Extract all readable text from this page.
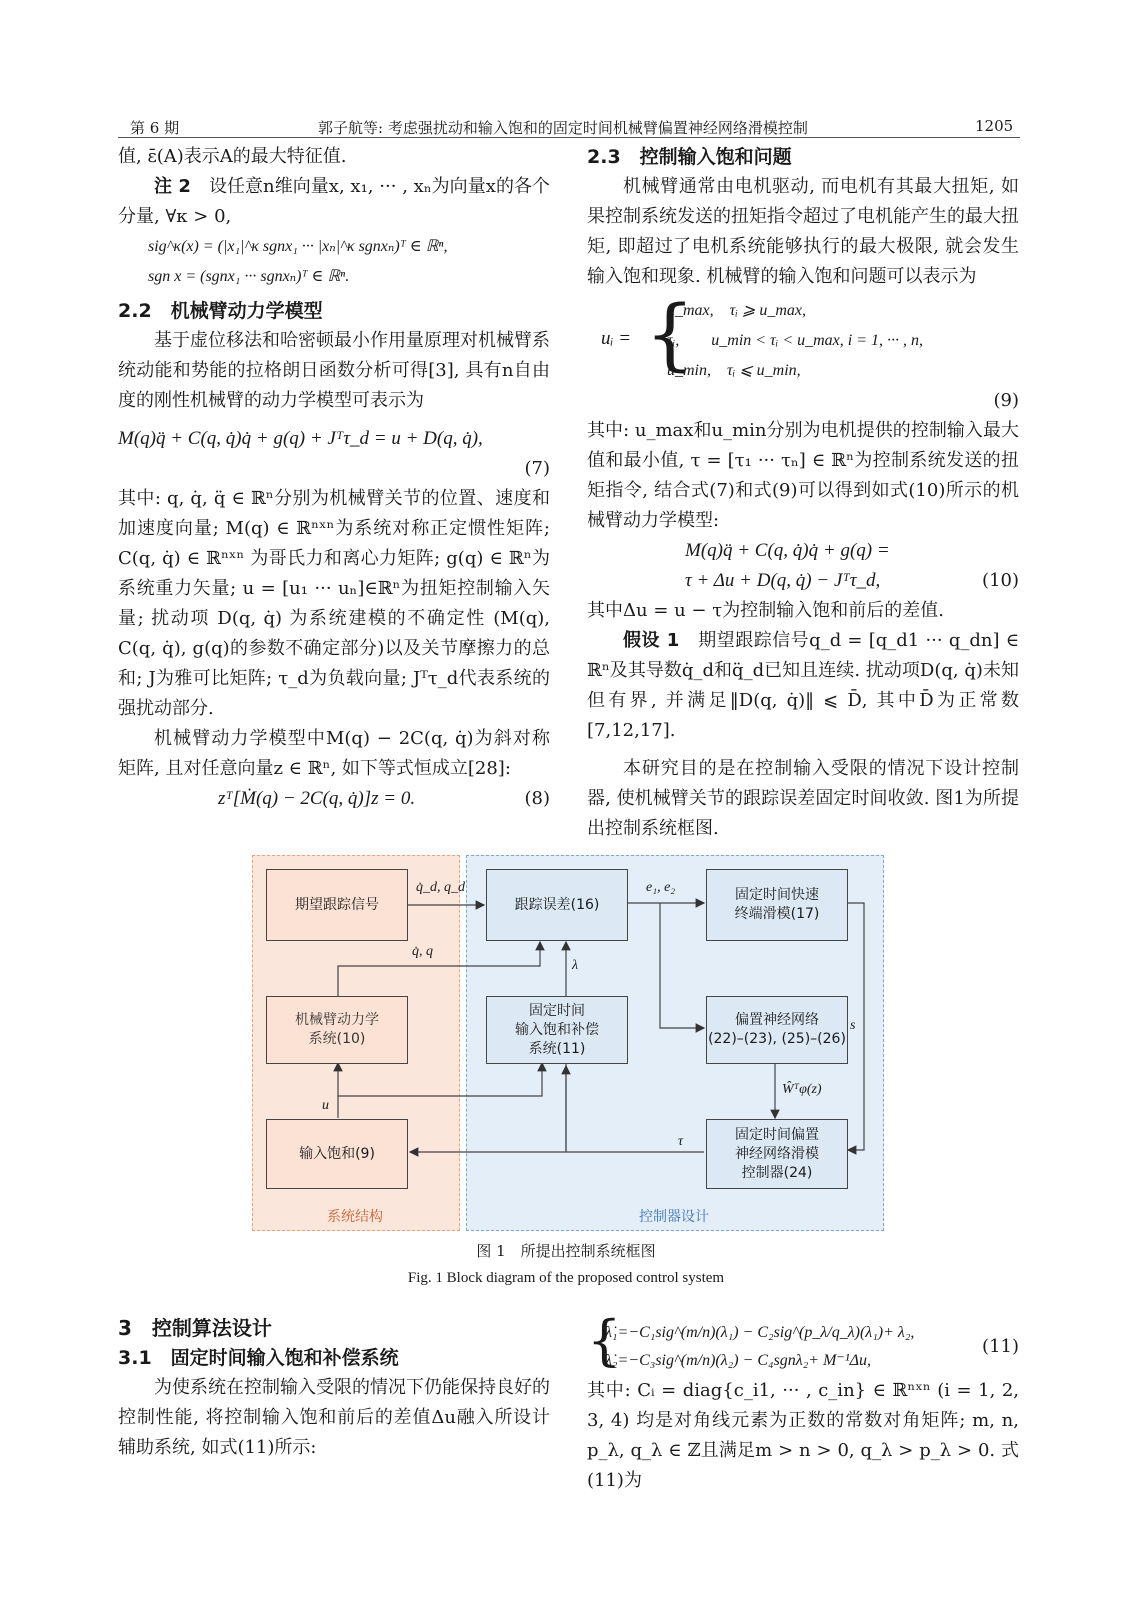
第 6 期	郭子航等: 考虑强扰动和输入饱和的固定时间机械臂偏置神经网络滑模控制	1205

值, ε̄(A)表示A的最大特征值.

注 2　 设任意n维向量x, x₁, ··· , xₙ为向量x的各个分量, ∀κ > 0,

sig^κ(x) = (|x₁|^κ sgnx₁ ··· |xₙ|^κ sgnxₙ)ᵀ ∈ ℝⁿ,

sgn x = (sgnx₁ ··· sgnxₙ)ᵀ ∈ ℝⁿ.

2.2　机械臂动力学模型

基于虚位移法和哈密顿最小作用量原理对机械臂系统动能和势能的拉格朗日函数分析可得[3], 具有n自由度的刚性机械臂的动力学模型可表示为

M(q)q̈ + C(q, q̇)q̇ + g(q) + Jᵀτ_d = u + D(q, q̇),

(7)

其中: q, q̇, q̈ ∈ ℝⁿ分别为机械臂关节的位置、速度和加速度向量; M(q) ∈ ℝⁿˣⁿ为系统对称正定惯性矩阵; C(q, q̇) ∈ ℝⁿˣⁿ 为哥氏力和离心力矩阵; g(q) ∈ ℝⁿ为系统重力矢量; u = [u₁ ··· uₙ]∈ℝⁿ为扭矩控制输入矢量; 扰动项 D(q, q̇) 为系统建模的不确定性 (M(q), C(q, q̇), g(q)的参数不确定部分)以及关节摩擦力的总和; J为雅可比矩阵; τ_d为负载向量; Jᵀτ_d代表系统的强扰动部分.

机械臂动力学模型中M(q) − 2C(q, q̇)为斜对称矩阵, 且对任意向量z ∈ ℝⁿ, 如下等式恒成立[28]:

zᵀ[Ṁ(q) − 2C(q, q̇)]z = 0.	(8)

2.3　控制输入饱和问题

机械臂通常由电机驱动, 而电机有其最大扭矩, 如果控制系统发送的扭矩指令超过了电机能产生的最大扭矩, 即超过了电机系统能够执行的最大极限, 就会发生输入饱和现象. 机械臂的输入饱和问题可以表示为

uᵢ = {
u_max,　τᵢ ⩾ u_max,
τᵢ,　　u_min < τᵢ < u_max, i = 1, ··· , n,
u_min,　τᵢ ⩽ u_min,

(9)

其中: u_max和u_min分别为电机提供的控制输入最大值和最小值, τ = [τ₁ ··· τₙ] ∈ ℝⁿ为控制系统发送的扭矩指令, 结合式(7)和式(9)可以得到如式(10)所示的机械臂动力学模型:

M(q)q̈ + C(q, q̇)q̇ + g(q) =

τ + Δu + D(q, q̇) − Jᵀτ_d,	(10)

其中Δu = u − τ为控制输入饱和前后的差值.

假设 1　 期望跟踪信号q_d = [q_d1 ··· q_dn] ∈ ℝⁿ及其导数q̇_d和q̈_d已知且连续. 扰动项D(q, q̇)未知但有界, 并满足‖D(q, q̇)‖ ⩽ D̄, 其中D̄为正常数[7,12,17].

本研究目的是在控制输入受限的情况下设计控制器, 使机械臂关节的跟踪误差固定时间收敛. 图1为所提出控制系统框图.

期望跟踪信号
机械臂动力学
系统(10)
输入饱和(9)
跟踪误差(16)
固定时间
输入饱和补偿
系统(11)
固定时间快速
终端滑模(17)
偏置神经网络
(22)–(23), (25)–(26)
固定时间偏置
神经网络滑模
控制器(24)
q̇_d, q_d
q̇, q
e₁, e₂
λ
s
u
τ
Ŵᵀφ(z)
系统结构	控制器设计
图 1　所提出控制系统框图
Fig. 1 Block diagram of the proposed control system

3　控制算法设计

3.1　固定时间输入饱和补偿系统

为使系统在控制输入受限的情况下仍能保持良好的控制性能, 将控制输入饱和前后的差值Δu融入所设计辅助系统, 如式(11)所示:

{
λ̇₁=−C₁sig^(m/n)(λ₁) − C₂sig^(p_λ/q_λ)(λ₁)+ λ₂,
λ̇₂=−C₃sig^(m/n)(λ₂) − C₄sgnλ₂+ M⁻¹Δu,
(11)

其中: Cᵢ = diag{c_i1, ··· , c_in} ∈ ℝⁿˣⁿ (i = 1, 2, 3, 4) 均是对角线元素为正数的常数对角矩阵; m, n, p_λ, q_λ ∈ ℤ且满足m > n > 0, q_λ > p_λ > 0. 式(11)为
